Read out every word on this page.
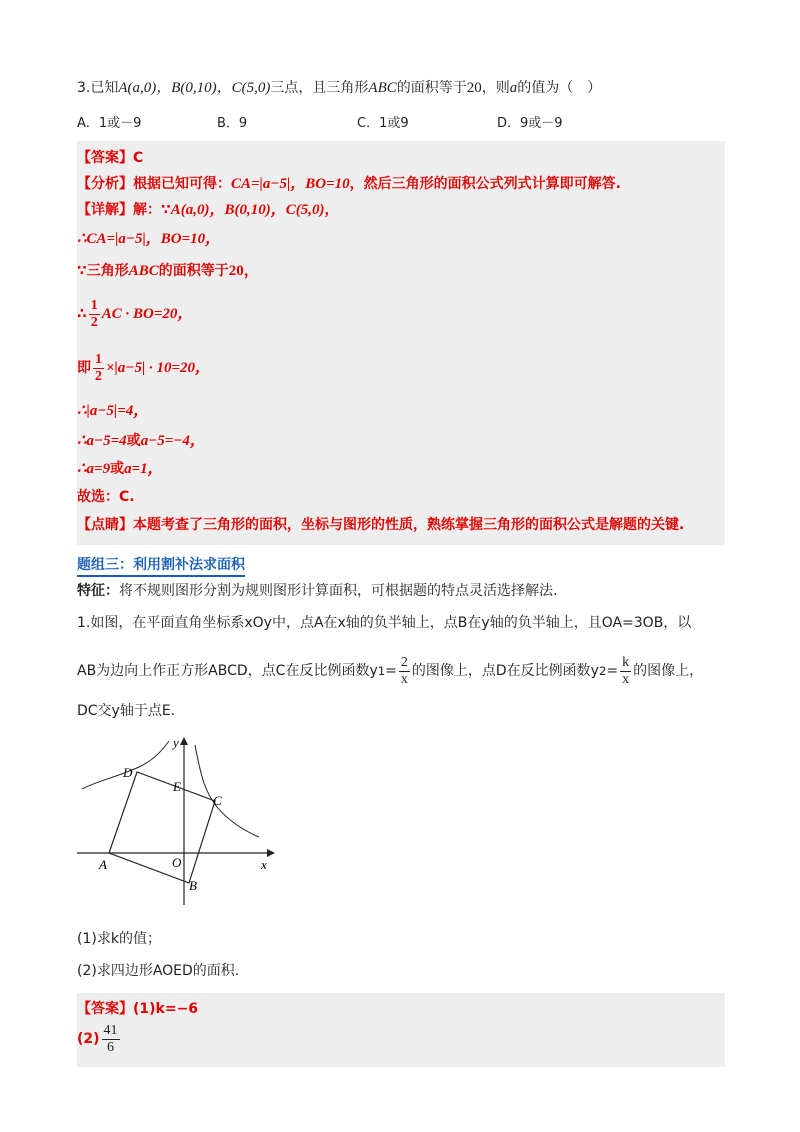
3.已知A(a,0)，B(0,10)，C(5,0)三点，且三角形ABC的面积等于20，则a的值为（　）
A．1或－9	B．9	C．1或9	D．9或－9
【答案】C
【分析】根据已知可得：CA=|a−5|，BO=10，然后三角形的面积公式列式计算即可解答.
【详解】解：∵A(a,0)，B(0,10)，C(5,0)，
∴CA=|a−5|，BO=10，
∵三角形ABC的面积等于20，
∴ $\frac{1}{2}$ AC · BO=20，
即 $\frac{1}{2} \times|a-5| \cdot 10=20$，
∴|a−5|=4，
∴a−5=4或a−5=−4，
∴a=9或a=1，
故选：C.
【点睛】本题考查了三角形的面积，坐标与图形的性质，熟练掌握三角形的面积公式是解题的关键.
题组三：利用割补法求面积
特征：将不规则图形分割为规则图形计算面积，可根据题的特点灵活选择解法.
1.如图，在平面直角坐标系xOy中，点A在x轴的负半轴上，点B在y轴的负半轴上，且OA=3OB，以
AB为边向上作正方形ABCD，点C在反比例函数y $1 = \frac{2}{x}$ 的图像上，点D在反比例函数y $2 = \frac{k}{x}$ 的图像上，
DC交y轴于点E.
y
x
D
E
C
A	O
B
(1)求k的值；
(2)求四边形AOED的面积.
【答案】(1)k=−6
$(2) \frac{41}{6}$
